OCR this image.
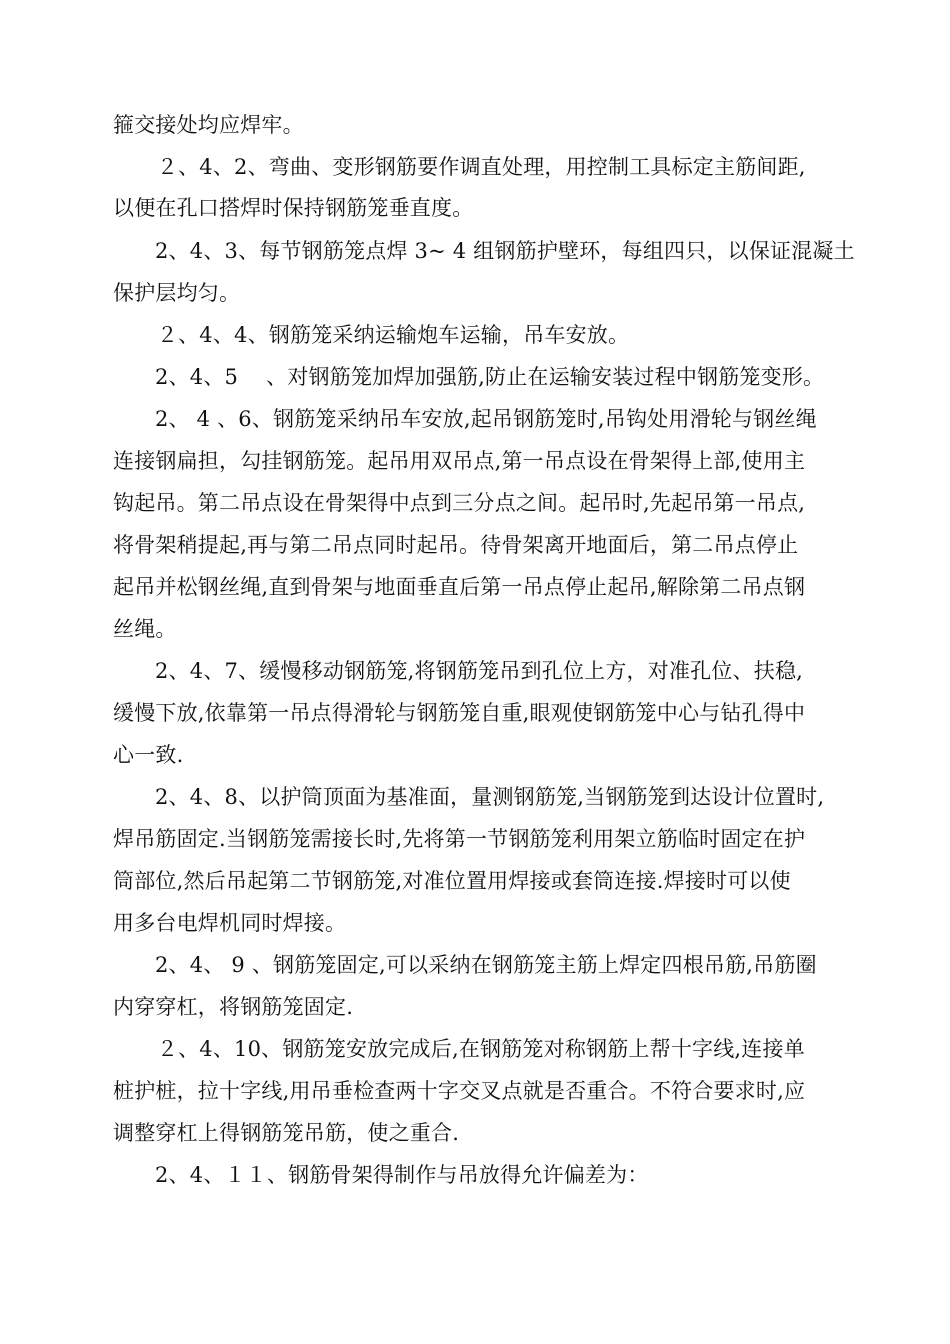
箍交接处均应焊牢。
２、4、2、弯曲、变形钢筋要作调直处理，用控制工具标定主筋间距,
以便在孔口搭焊时保持钢筋笼垂直度。
2、4、3、每节钢筋笼点焊 3~ 4 组钢筋护壁环，每组四只，以保证混凝土
保护层均匀。
２、4、4、钢筋笼采纳运输炮车运输，吊车安放。
2、4、5　 、对钢筋笼加焊加强筋,防止在运输安装过程中钢筋笼变形。
2、 4 、6、钢筋笼采纳吊车安放,起吊钢筋笼时,吊钩处用滑轮与钢丝绳
连接钢扁担，勾挂钢筋笼。起吊用双吊点,第一吊点设在骨架得上部,使用主
钩起吊。第二吊点设在骨架得中点到三分点之间。起吊时,先起吊第一吊点,
将骨架稍提起,再与第二吊点同时起吊。待骨架离开地面后，第二吊点停止
起吊并松钢丝绳,直到骨架与地面垂直后第一吊点停止起吊,解除第二吊点钢
丝绳。
2、4、7、缓慢移动钢筋笼,将钢筋笼吊到孔位上方，对准孔位、扶稳,
缓慢下放,依靠第一吊点得滑轮与钢筋笼自重,眼观使钢筋笼中心与钻孔得中
心一致.
2、4、8、以护筒顶面为基准面，量测钢筋笼,当钢筋笼到达设计位置时,
焊吊筋固定.当钢筋笼需接长时,先将第一节钢筋笼利用架立筋临时固定在护
筒部位,然后吊起第二节钢筋笼,对准位置用焊接或套筒连接.焊接时可以使
用多台电焊机同时焊接。
2、4、 9 、钢筋笼固定,可以采纳在钢筋笼主筋上焊定四根吊筋,吊筋圈
内穿穿杠，将钢筋笼固定.
２、4、10、钢筋笼安放完成后,在钢筋笼对称钢筋上帮十字线,连接单
桩护桩，拉十字线,用吊垂检查两十字交叉点就是否重合。不符合要求时,应
调整穿杠上得钢筋笼吊筋，使之重合.
2、4、１１、钢筋骨架得制作与吊放得允许偏差为：
